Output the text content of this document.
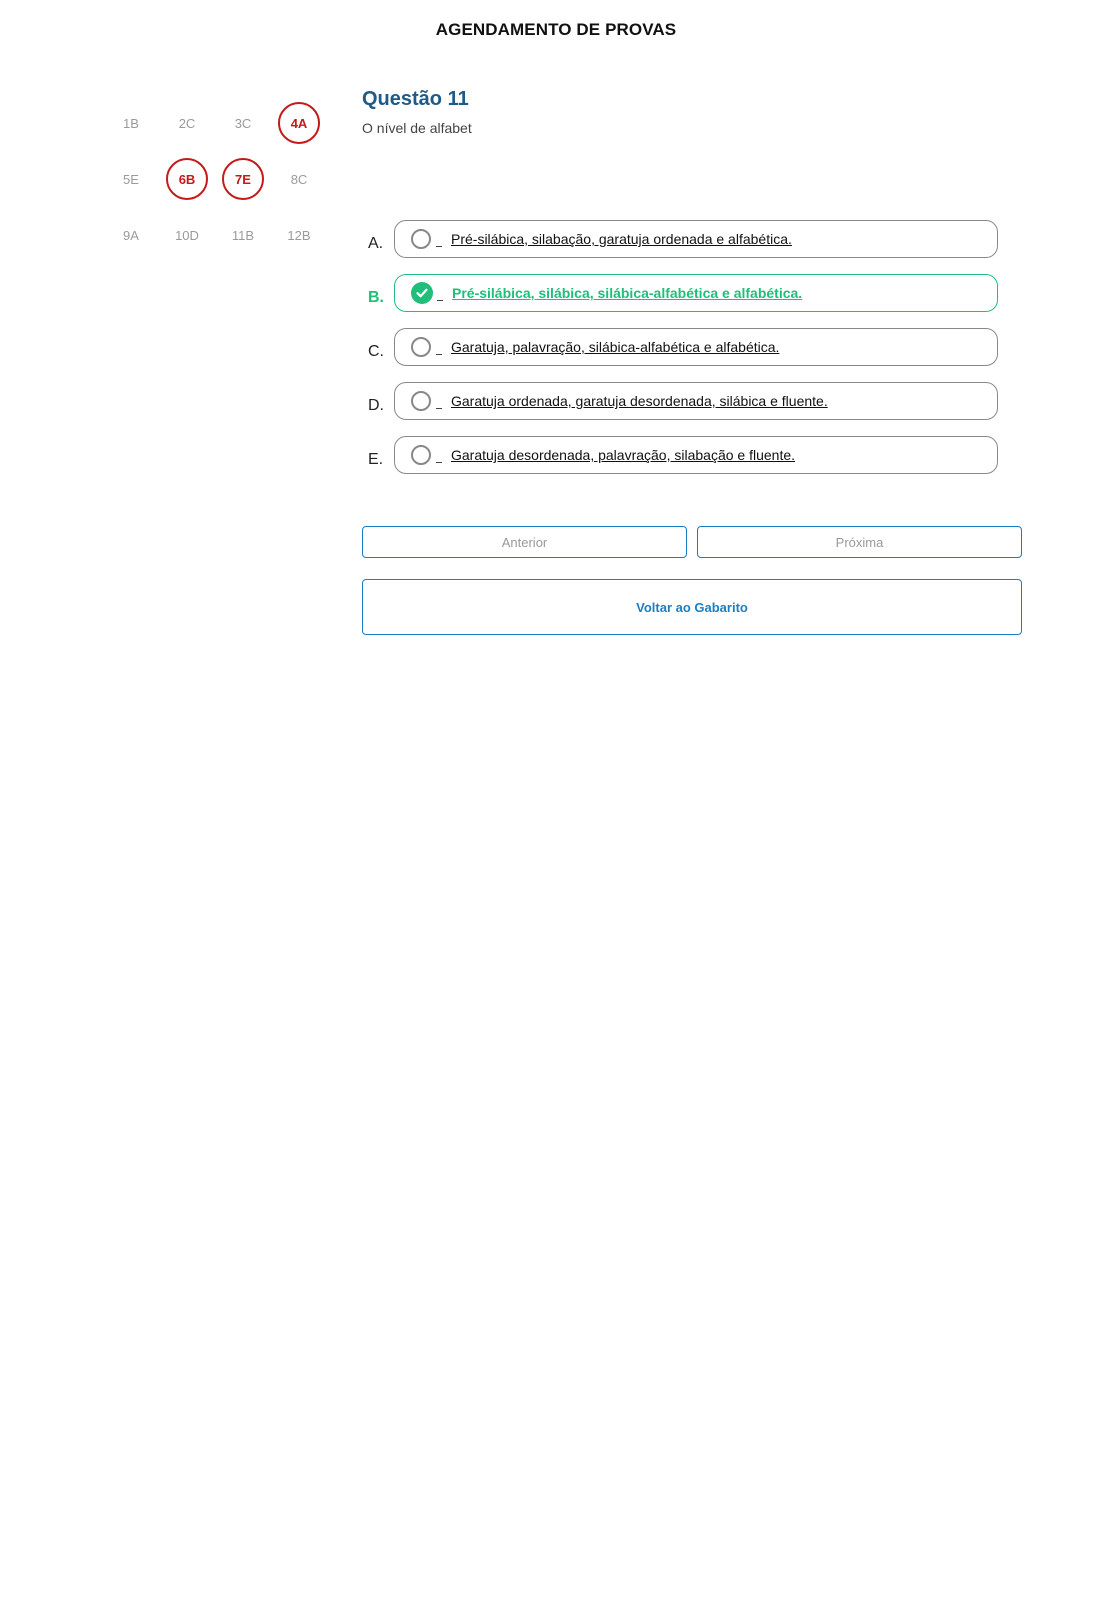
AGENDAMENTO DE PROVAS
1B	2C	3C	4A
5E	6B	7E	8C
9A	10D	11B	12B
Questão 11
O nível de alfabet
A.	Pré-silábica, silabação, garatuja ordenada e alfabética.
B.	Pré-silábica, silábica, silábica-alfabética e alfabética.
C.	Garatuja, palavração, silábica-alfabética e alfabética.
D.	Garatuja ordenada, garatuja desordenada, silábica e fluente.
E.	Garatuja desordenada, palavração, silabação e fluente.
Anterior	Próxima
Voltar ao Gabarito
